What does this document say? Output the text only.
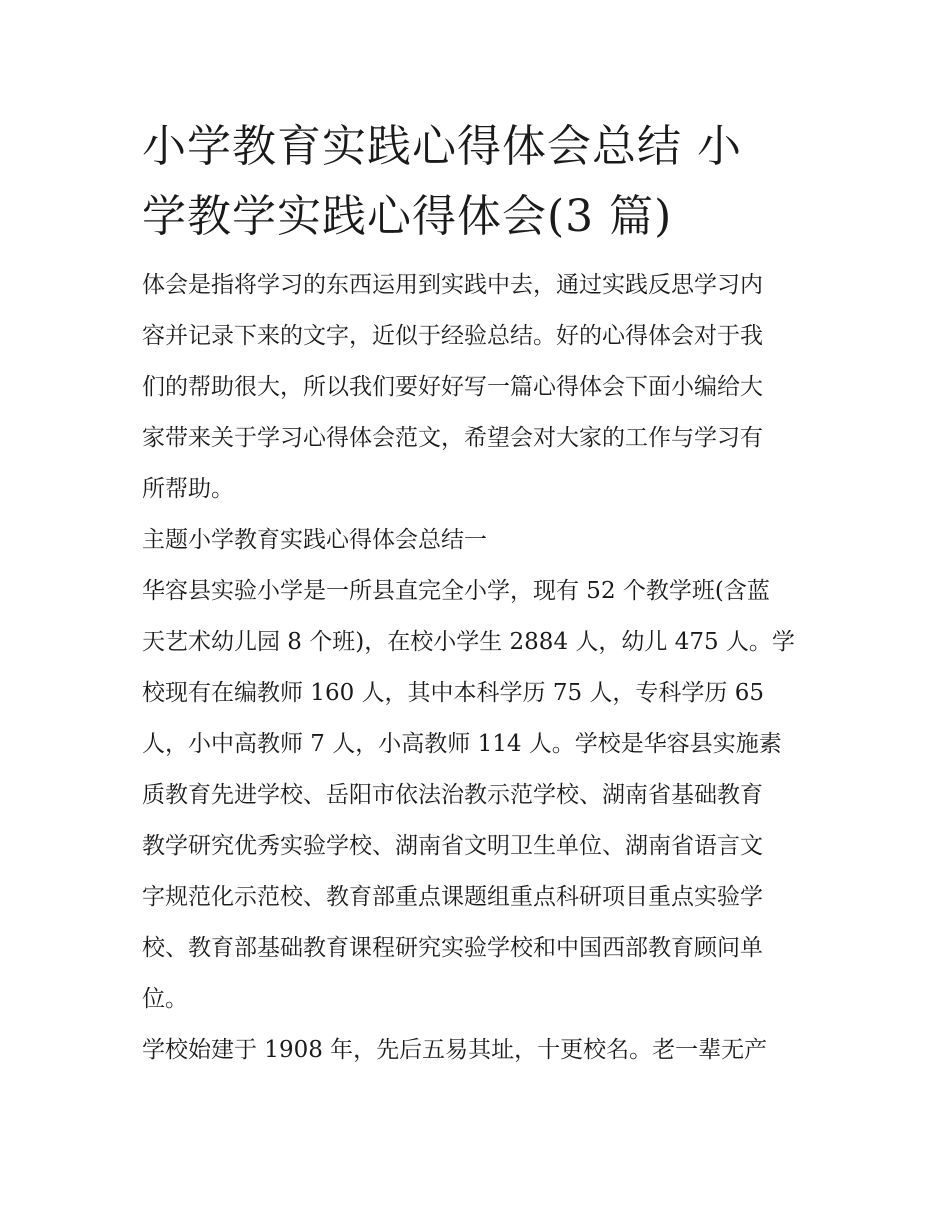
小学教育实践心得体会总结 小
学教学实践心得体会(3 篇)
体会是指将学习的东西运用到实践中去，通过实践反思学习内
容并记录下来的文字，近似于经验总结。好的心得体会对于我
们的帮助很大，所以我们要好好写一篇心得体会下面小编给大
家带来关于学习心得体会范文，希望会对大家的工作与学习有
所帮助。
主题小学教育实践心得体会总结一
华容县实验小学是一所县直完全小学，现有 52 个教学班(含蓝
天艺术幼儿园 8 个班)，在校小学生 2884 人，幼儿 475 人。学
校现有在编教师 160 人，其中本科学历 75 人，专科学历 65
人，小中高教师 7 人，小高教师 114 人。学校是华容县实施素
质教育先进学校、岳阳市依法治教示范学校、湖南省基础教育
教学研究优秀实验学校、湖南省文明卫生单位、湖南省语言文
字规范化示范校、教育部重点课题组重点科研项目重点实验学
校、教育部基础教育课程研究实验学校和中国西部教育顾问单
位。
学校始建于 1908 年，先后五易其址，十更校名。老一辈无产
